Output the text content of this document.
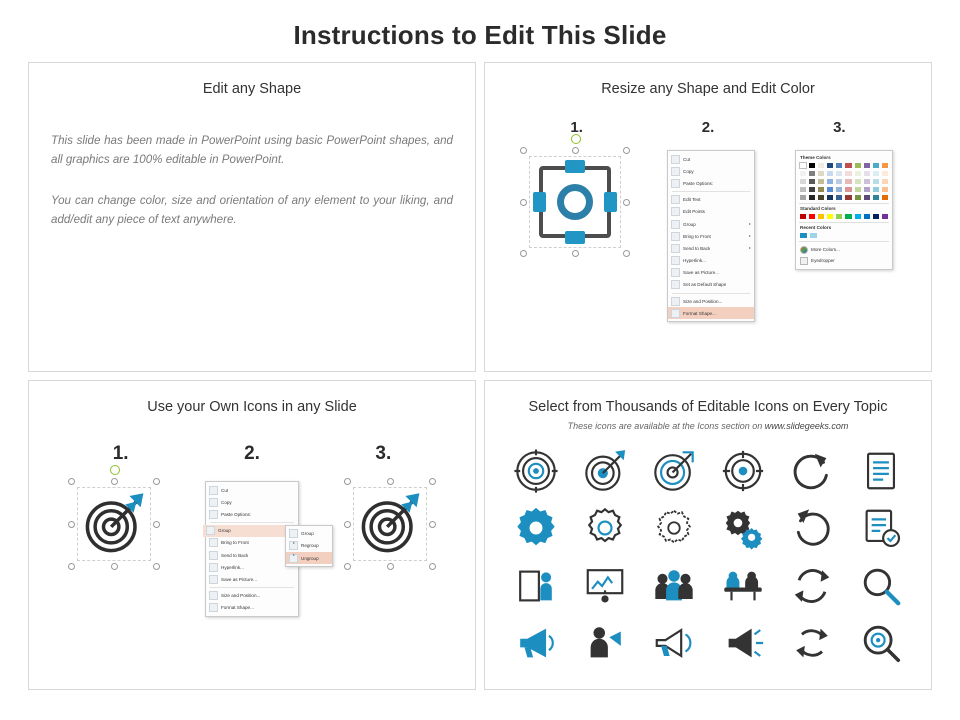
Instructions to Edit This Slide
Edit any Shape
This slide has been made in PowerPoint using basic PowerPoint shapes, and all graphics are 100% editable in PowerPoint.
You can change color, size and orientation of any element to your liking, and add/edit any piece of text anywhere.
Resize any Shape and Edit Color
1.	2.	3.
Cut
Copy
Paste Options:
Edit Text
Edit Points
Group	▸
Bring to Front	▸
Send to Back	▸
Hyperlink...
Save as Picture...
Set as Default Shape
Size and Position...
Format Shape...
Theme Colors
Standard Colors
Recent Colors
More Colors...
Eyedropper
Use your Own Icons in any Slide
1.	2.	3.
Cut
Copy
Paste Options:
Group
Group
Regroup
Ungroup
Bring to Front	▸
Send to Back	▸
Hyperlink...
Save as Picture...
Size and Position...
Format Shape...
Select from Thousands of Editable Icons on Every Topic
These icons are available at the Icons section on www.slidegeeks.com
